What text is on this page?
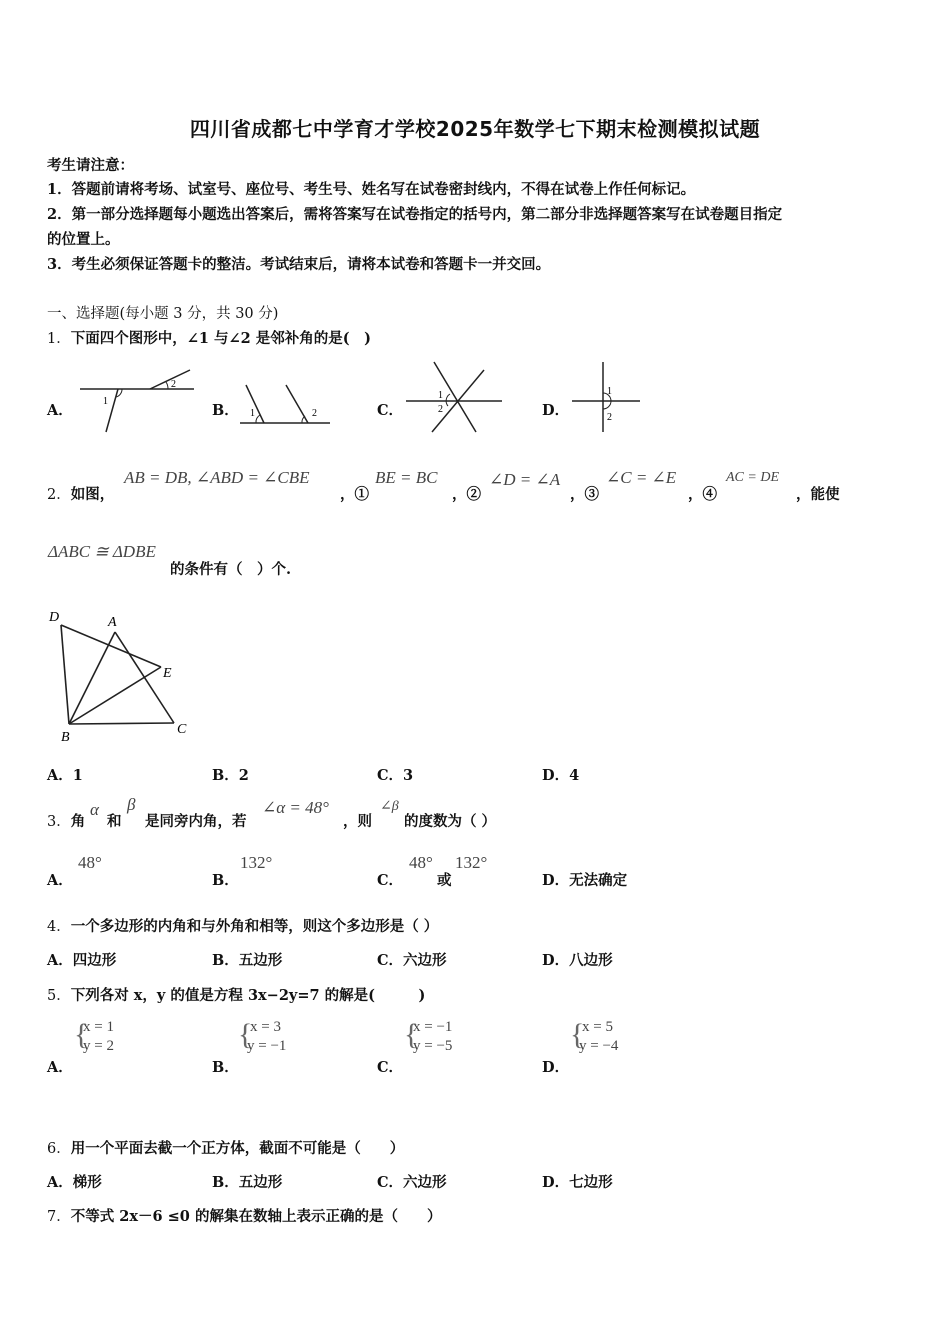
四川省成都七中学育才学校2025年数学七下期末检测模拟试题
考生请注意：
1．答题前请将考场、试室号、座位号、考生号、姓名写在试卷密封线内，不得在试卷上作任何标记。
2．第一部分选择题每小题选出答案后，需将答案写在试卷指定的括号内，第二部分非选择题答案写在试卷题目指定
的位置上。
3．考生必须保证答题卡的整洁。考试结束后，请将本试卷和答题卡一并交回。
一、选择题(每小题 3 分，共 30 分)
1．下面四个图形中，∠1 与∠2 是邻补角的是(　)
A．
1
2
B． 1	2	C．
1
2	D．
1
2
2．如图，
AB = DB, ∠ABD = ∠CBE
，①
BE = BC
，②
∠D = ∠A
，③
∠C = ∠E
，④
AC = DE
，能使
ΔABC ≅ ΔDBE
的条件有（　）个.
D	A
E
B
C
A．1	B．2	C．3	D．4
3．角
α
和
β
是同旁内角，若
∠α = 48°
，则
∠β
的度数为（ ）
A．
48°
B．
132°
C．
48°
或
132°
D．无法确定
4．一个多边形的内角和与外角和相等，则这个多边形是（ ）
A．四边形	B．五边形	C．六边形	D．八边形
5．下列各对 x，y 的值是方程 3x−2y=7 的解是(　　　)
A．
{
x = 1
y = 2
B．
{
x = 3
y = −1
C．
{
x = −1
y = −5
D．
{
x = 5
y = −4
6．用一个平面去截一个正方体，截面不可能是（　　）
A．梯形	B．五边形	C．六边形	D．七边形
7．不等式 2x－6 ≤0 的解集在数轴上表示正确的是（　　）
